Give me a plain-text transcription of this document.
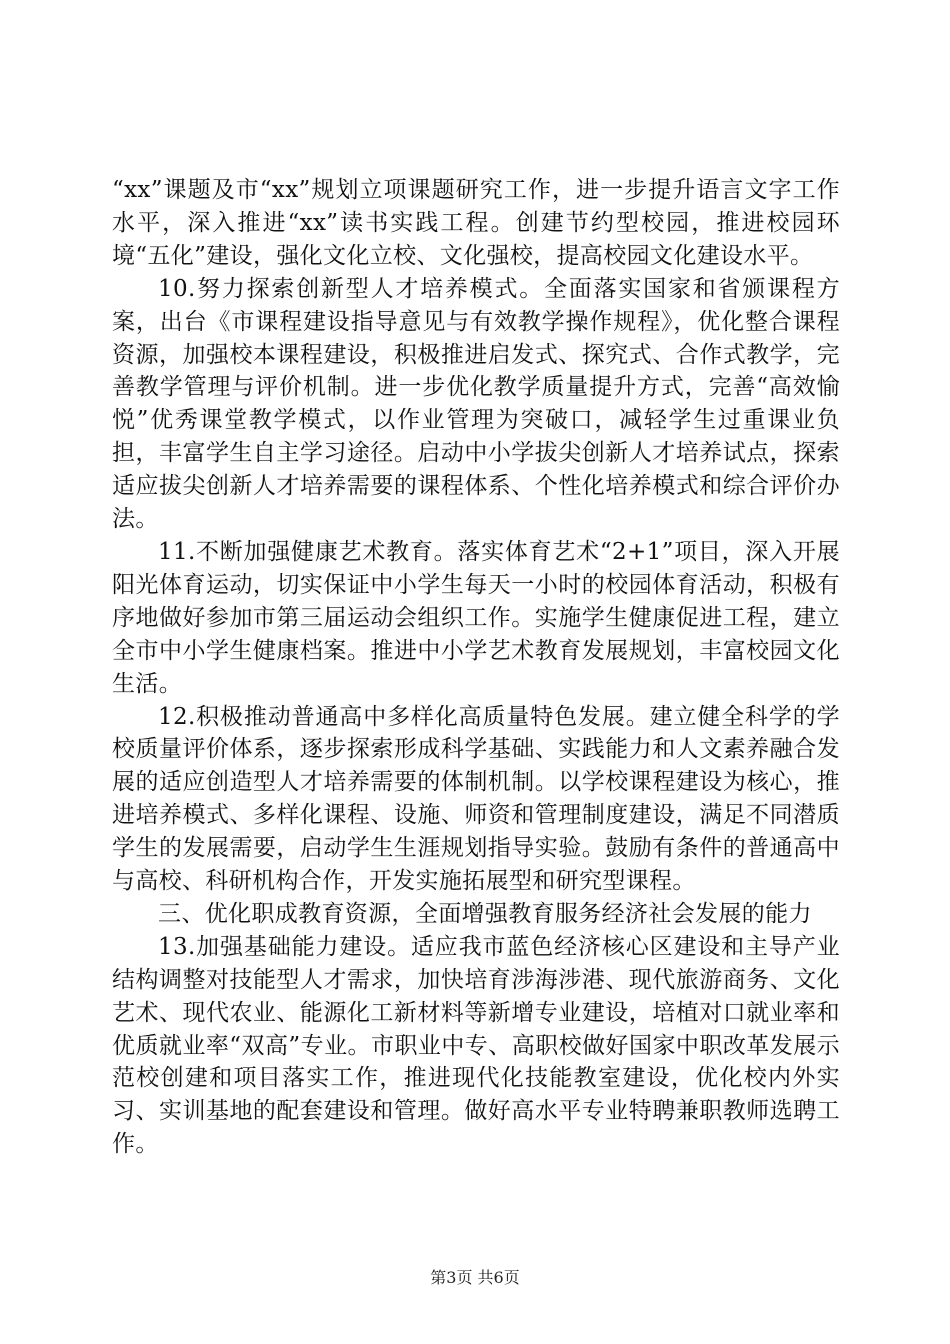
“xx”课题及市“xx”规划立项课题研究工作，进一步提升语言文字工作水平，深入推进“xx”读书实践工程。创建节约型校园，推进校园环境“五化”建设，强化文化立校、文化强校，提高校园文化建设水平。

10.努力探索创新型人才培养模式。全面落实国家和省颁课程方案，出台《市课程建设指导意见与有效教学操作规程》，优化整合课程资源，加强校本课程建设，积极推进启发式、探究式、合作式教学，完善教学管理与评价机制。进一步优化教学质量提升方式，完善“高效愉悦”优秀课堂教学模式，以作业管理为突破口，减轻学生过重课业负担，丰富学生自主学习途径。启动中小学拔尖创新人才培养试点，探索适应拔尖创新人才培养需要的课程体系、个性化培养模式和综合评价办法。

11.不断加强健康艺术教育。落实体育艺术“2+1”项目，深入开展阳光体育运动，切实保证中小学生每天一小时的校园体育活动，积极有序地做好参加市第三届运动会组织工作。实施学生健康促进工程，建立全市中小学生健康档案。推进中小学艺术教育发展规划，丰富校园文化生活。

12.积极推动普通高中多样化高质量特色发展。建立健全科学的学校质量评价体系，逐步探索形成科学基础、实践能力和人文素养融合发展的适应创造型人才培养需要的体制机制。以学校课程建设为核心，推进培养模式、多样化课程、设施、师资和管理制度建设，满足不同潜质学生的发展需要，启动学生生涯规划指导实验。鼓励有条件的普通高中与高校、科研机构合作，开发实施拓展型和研究型课程。

三、优化职成教育资源，全面增强教育服务经济社会发展的能力

13.加强基础能力建设。适应我市蓝色经济核心区建设和主导产业结构调整对技能型人才需求，加快培育涉海涉港、现代旅游商务、文化艺术、现代农业、能源化工新材料等新增专业建设，培植对口就业率和优质就业率“双高”专业。市职业中专、高职校做好国家中职改革发展示范校创建和项目落实工作，推进现代化技能教室建设，优化校内外实习、实训基地的配套建设和管理。做好高水平专业特聘兼职教师选聘工作。

第3页 共6页
